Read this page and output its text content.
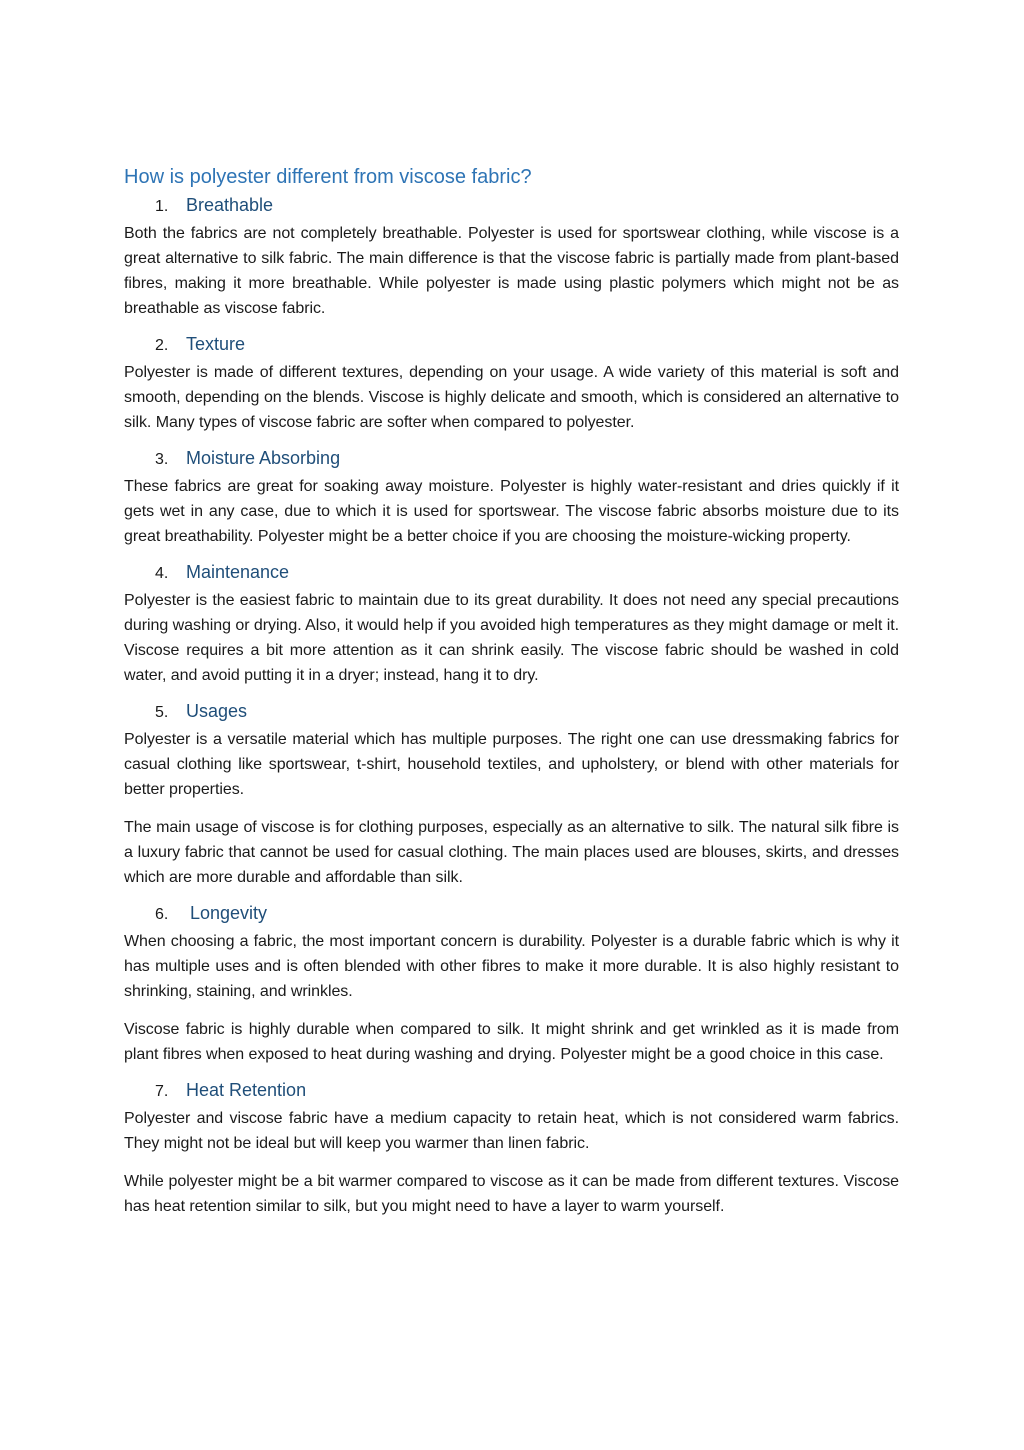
How is polyester different from viscose fabric?
1. Breathable

Both the fabrics are not completely breathable. Polyester is used for sportswear clothing, while viscose is a great alternative to silk fabric. The main difference is that the viscose fabric is partially made from plant-based fibres, making it more breathable. While polyester is made using plastic polymers which might not be as breathable as viscose fabric.

2. Texture

Polyester is made of different textures, depending on your usage. A wide variety of this material is soft and smooth, depending on the blends. Viscose is highly delicate and smooth, which is considered an alternative to silk. Many types of viscose fabric are softer when compared to polyester.

3. Moisture Absorbing

These fabrics are great for soaking away moisture. Polyester is highly water-resistant and dries quickly if it gets wet in any case, due to which it is used for sportswear. The viscose fabric absorbs moisture due to its great breathability. Polyester might be a better choice if you are choosing the moisture-wicking property.

4. Maintenance

Polyester is the easiest fabric to maintain due to its great durability. It does not need any special precautions during washing or drying. Also, it would help if you avoided high temperatures as they might damage or melt it. Viscose requires a bit more attention as it can shrink easily. The viscose fabric should be washed in cold water, and avoid putting it in a dryer; instead, hang it to dry.

5. Usages

Polyester is a versatile material which has multiple purposes. The right one can use dressmaking fabrics for casual clothing like sportswear, t-shirt, household textiles, and upholstery, or blend with other materials for better properties.

The main usage of viscose is for clothing purposes, especially as an alternative to silk. The natural silk fibre is a luxury fabric that cannot be used for casual clothing. The main places used are blouses, skirts, and dresses which are more durable and affordable than silk.

6.	Longevity

When choosing a fabric, the most important concern is durability. Polyester is a durable fabric which is why it has multiple uses and is often blended with other fibres to make it more durable. It is also highly resistant to shrinking, staining, and wrinkles.

Viscose fabric is highly durable when compared to silk. It might shrink and get wrinkled as it is made from plant fibres when exposed to heat during washing and drying. Polyester might be a good choice in this case.

7. Heat Retention

Polyester and viscose fabric have a medium capacity to retain heat, which is not considered warm fabrics. They might not be ideal but will keep you warmer than linen fabric.

While polyester might be a bit warmer compared to viscose as it can be made from different textures. Viscose has heat retention similar to silk, but you might need to have a layer to warm yourself.
